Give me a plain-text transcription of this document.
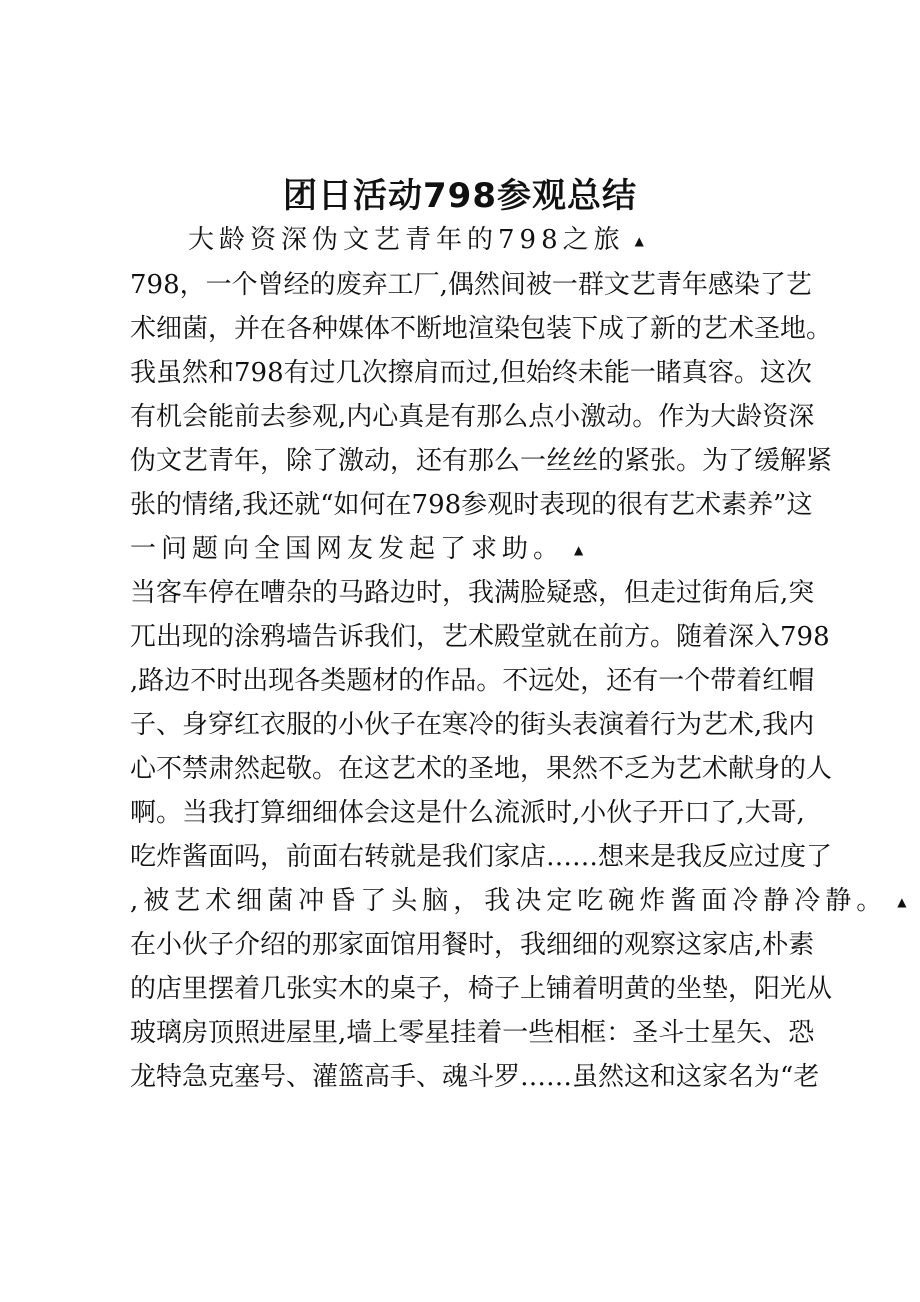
团日活动798参观总结
大龄资深伪文艺青年的798之旅 ▲
798，一个曾经的废弃工厂,偶然间被一群文艺青年感染了艺
术细菌，并在各种媒体不断地渲染包装下成了新的艺术圣地。
我虽然和798有过几次擦肩而过,但始终未能一睹真容。这次
有机会能前去参观,内心真是有那么点小激动。作为大龄资深
伪文艺青年，除了激动，还有那么一丝丝的紧张。为了缓解紧
张的情绪,我还就“如何在798参观时表现的很有艺术素养”这
一问题向全国网友发起了求助。 ▲
当客车停在嘈杂的马路边时，我满脸疑惑，但走过街角后,突
兀出现的涂鸦墙告诉我们，艺术殿堂就在前方。随着深入798
,路边不时出现各类题材的作品。不远处，还有一个带着红帽
子、身穿红衣服的小伙子在寒冷的街头表演着行为艺术,我内
心不禁肃然起敬。在这艺术的圣地，果然不乏为艺术献身的人
啊。当我打算细细体会这是什么流派时,小伙子开口了,大哥,
吃炸酱面吗，前面右转就是我们家店……想来是我反应过度了
,被艺术细菌冲昏了头脑，我决定吃碗炸酱面冷静冷静。 ▲
在小伙子介绍的那家面馆用餐时，我细细的观察这家店,朴素
的店里摆着几张实木的桌子，椅子上铺着明黄的坐垫，阳光从
玻璃房顶照进屋里,墙上零星挂着一些相框：圣斗士星矢、恐
龙特急克塞号、灌篮高手、魂斗罗……虽然这和这家名为“老
